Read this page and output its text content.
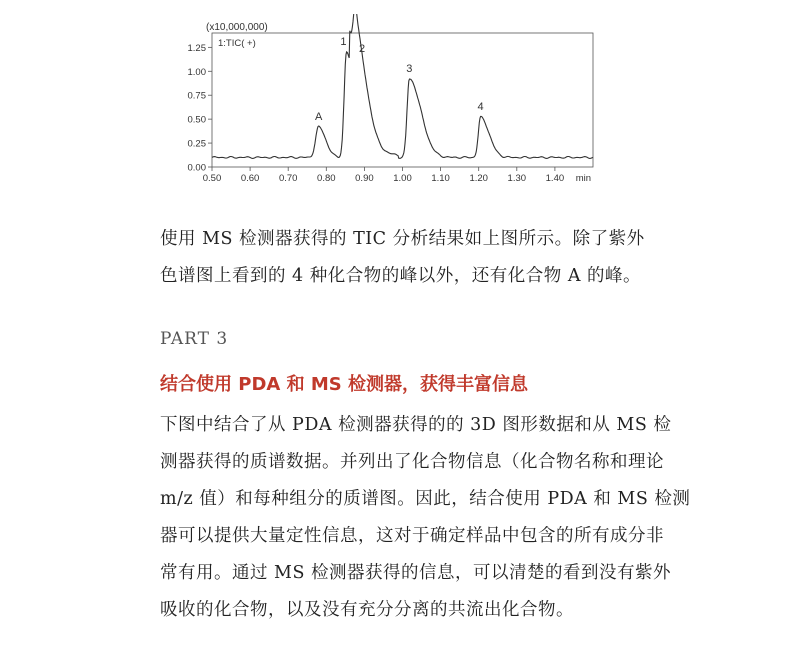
(x10,000,000)
1:TIC( +)
0.00
0.25
0.50
0.75
1.00
1.25
0.50 0.60 0.70 0.80 0.90 1.00 1.10 1.20 1.30 1.40 min
A
1
2
3
4
使用 MS 检测器获得的 TIC 分析结果如上图所示。除了紫外
色谱图上看到的 4 种化合物的峰以外，还有化合物 A 的峰。
PART 3
结合使用 PDA 和 MS 检测器，获得丰富信息
下图中结合了从 PDA 检测器获得的的 3D 图形数据和从 MS 检
测器获得的质谱数据。并列出了化合物信息（化合物名称和理论
m/z 值）和每种组分的质谱图。因此，结合使用 PDA 和 MS 检测
器可以提供大量定性信息，这对于确定样品中包含的所有成分非
常有用。通过 MS 检测器获得的信息，可以清楚的看到没有紫外
吸收的化合物，以及没有充分分离的共流出化合物。
